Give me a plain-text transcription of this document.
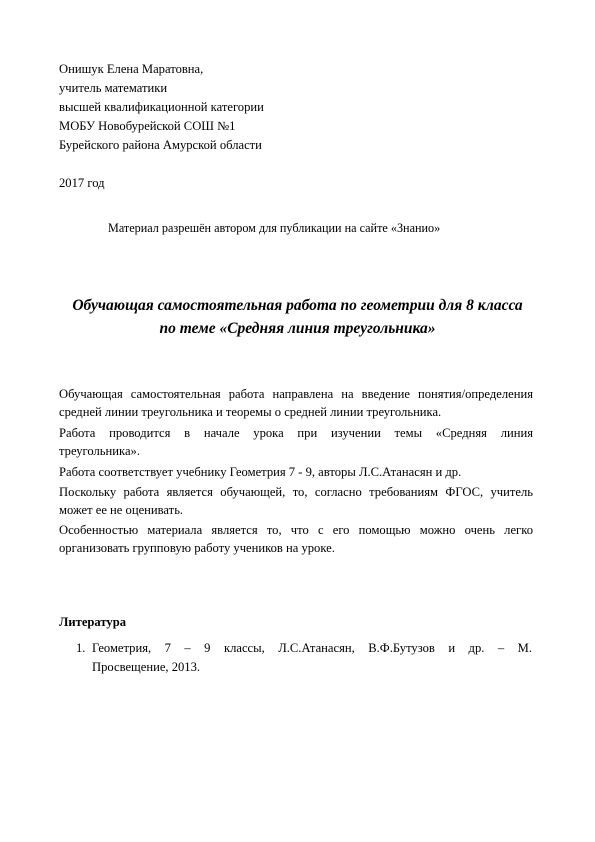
Онишук Елена Маратовна,
учитель математики
высшей квалификационной категории
МОБУ Новобурейской СОШ №1
Бурейского района Амурской области
2017 год
Материал разрешён автором для публикации на сайте «Знанио»
Обучающая самостоятельная работа по геометрии для 8 класса
по теме «Средняя линия треугольника»
Обучающая самостоятельная работа направлена на введение понятия/определения
средней линии треугольника и теоремы о средней линии треугольника.
Работа проводится в начале урока при изучении темы «Средняя линия
треугольника».
Работа соответствует учебнику Геометрия 7 - 9, авторы Л.С.Атанасян и др.
Поскольку работа является обучающей, то, согласно требованиям ФГОС, учитель
может ее не оценивать.
Особенностью материала является то, что с его помощью можно очень легко
организовать групповую работу учеников на уроке.
Литература
1. Геометрия, 7 – 9 классы, Л.С.Атанасян, В.Ф.Бутузов и др. – М.
Просвещение, 2013.
